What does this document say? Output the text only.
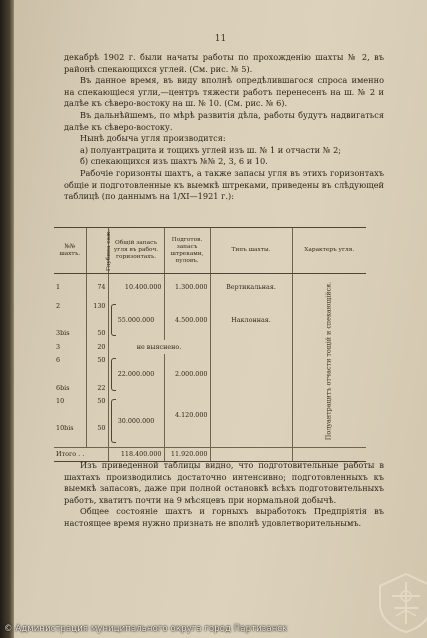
11

декабрѣ 1902 г. были начаты работы по прохожденію шахты № 2, въ районѣ спекающихся углей. (См. рис. № 5).

Въ данное время, въ виду вполнѣ опредѣлившагося спроса именно на спекающіеся угли,—центръ тяжести работъ перенесенъ на ш. № 2 и далѣе къ сѣверо-востоку на ш. № 10. (См. рис. № 6).

Въ дальнѣйшемъ, по мѣрѣ развитія дѣла, работы будутъ надвигаться далѣе къ сѣверо-востоку.

Нынѣ добыча угля производится:

а) полуантрацита и тощихъ углей изъ ш. № 1 и отчасти № 2;

б) спекающихся изъ шахтъ №№ 2, 3, 6 и 10.

Рабочіе горизонты шахтъ, а также запасы угля въ этихъ горизонтахъ общіе и подготовленные къ выемкѣ штреками, приведены въ слѣдующей таблицѣ (по даннымъ на 1/XI—1921 г.):

№№ шахтъ.	Глубина саж.	Общій запасъ угля въ рабоч. горизонтахъ.	Подготов. запасъ штреками, пуловъ.	Типъ шахты.	Характеръ угля.
1	74	10.400.000	1.300.000	Вертикальная.	Полуантрацитъ отчасти тощій и спекающійся.

2	130	55.000.000			
			4.500.000	Наклонная.	
3bis	50				
3	20	не выяснено.			
6	50	22.000.000			
			2.000.000		
6bis	22				
10	50	30.000.000			
			4.120.000		
10bis	50				
Итого . .		118.400.000	11.920.000		

Изъ приведенной таблицы видно, что подготовительные работы в шахтахъ производились достаточно интенсивно; подготовленныхъ къ выемкѣ запасовъ, даже при полной остановкѣ всѣхъ подготовительныхъ работъ, хватитъ почти на 9 мѣсяцевъ при нормальной добычѣ.

Общее состояніе шахтъ и горныхъ выработокъ Предпріятія въ настоящее время нужно признать не вполнѣ удовлетворительнымъ.

© Администрация муниципального округа город Партизанск
